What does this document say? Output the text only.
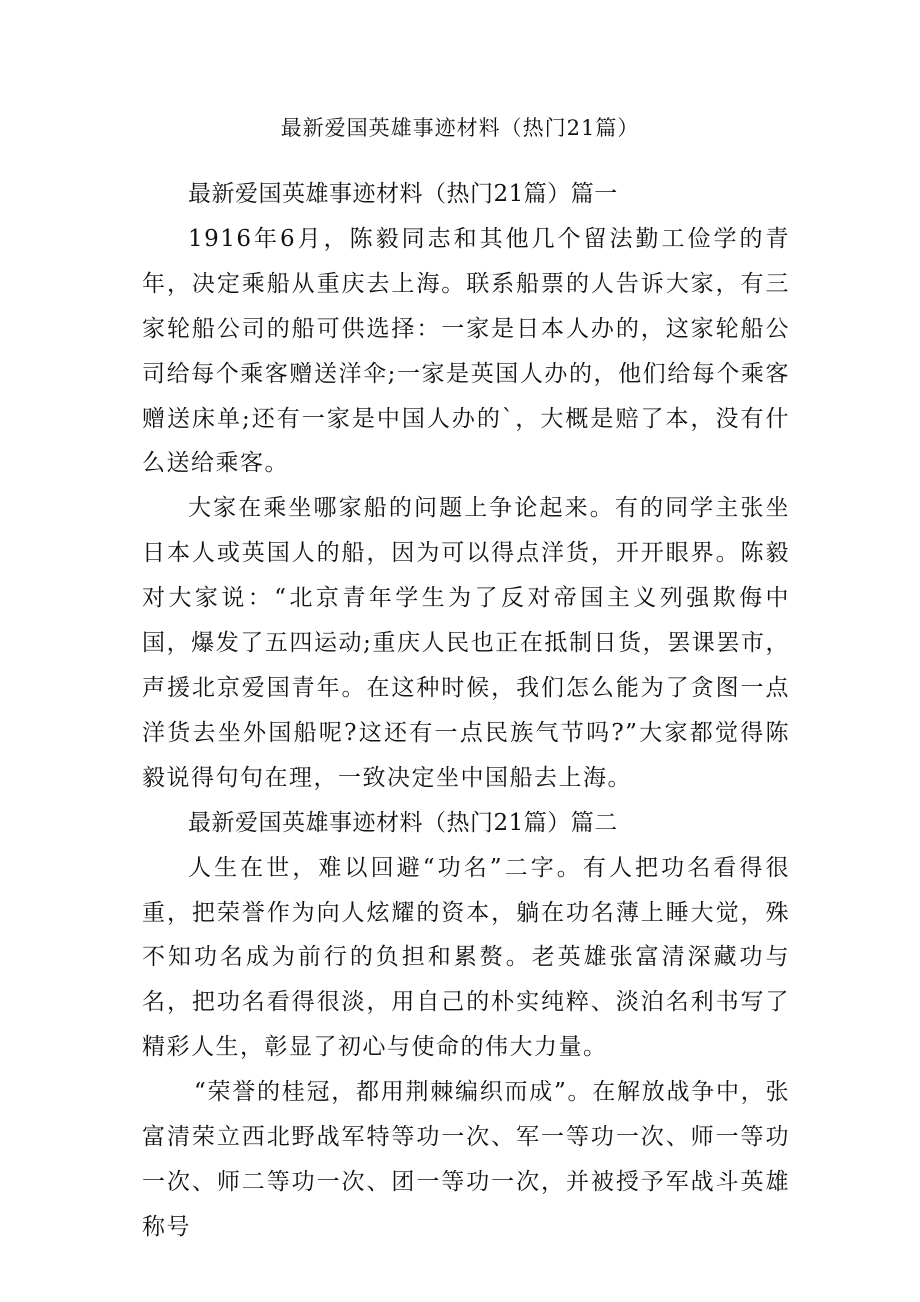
最新爱国英雄事迹材料（热门21篇）

最新爱国英雄事迹材料（热门21篇）篇一

1916年6月，陈毅同志和其他几个留法勤工俭学的青年，决定乘船从重庆去上海。联系船票的人告诉大家，有三家轮船公司的船可供选择：一家是日本人办的，这家轮船公司给每个乘客赠送洋伞;一家是英国人办的，他们给每个乘客赠送床单;还有一家是中国人办的`，大概是赔了本，没有什么送给乘客。

大家在乘坐哪家船的问题上争论起来。有的同学主张坐日本人或英国人的船，因为可以得点洋货，开开眼界。陈毅对大家说：“北京青年学生为了反对帝国主义列强欺侮中国，爆发了五四运动;重庆人民也正在抵制日货，罢课罢市，声援北京爱国青年。在这种时候，我们怎么能为了贪图一点洋货去坐外国船呢?这还有一点民族气节吗?”大家都觉得陈毅说得句句在理，一致决定坐中国船去上海。

最新爱国英雄事迹材料（热门21篇）篇二

人生在世，难以回避“功名”二字。有人把功名看得很重，把荣誉作为向人炫耀的资本，躺在功名薄上睡大觉，殊不知功名成为前行的负担和累赘。老英雄张富清深藏功与名，把功名看得很淡，用自己的朴实纯粹、淡泊名利书写了精彩人生，彰显了初心与使命的伟大力量。

“荣誉的桂冠，都用荆棘编织而成”。在解放战争中，张富清荣立西北野战军特等功一次、军一等功一次、师一等功一次、师二等功一次、团一等功一次，并被授予军战斗英雄称号
